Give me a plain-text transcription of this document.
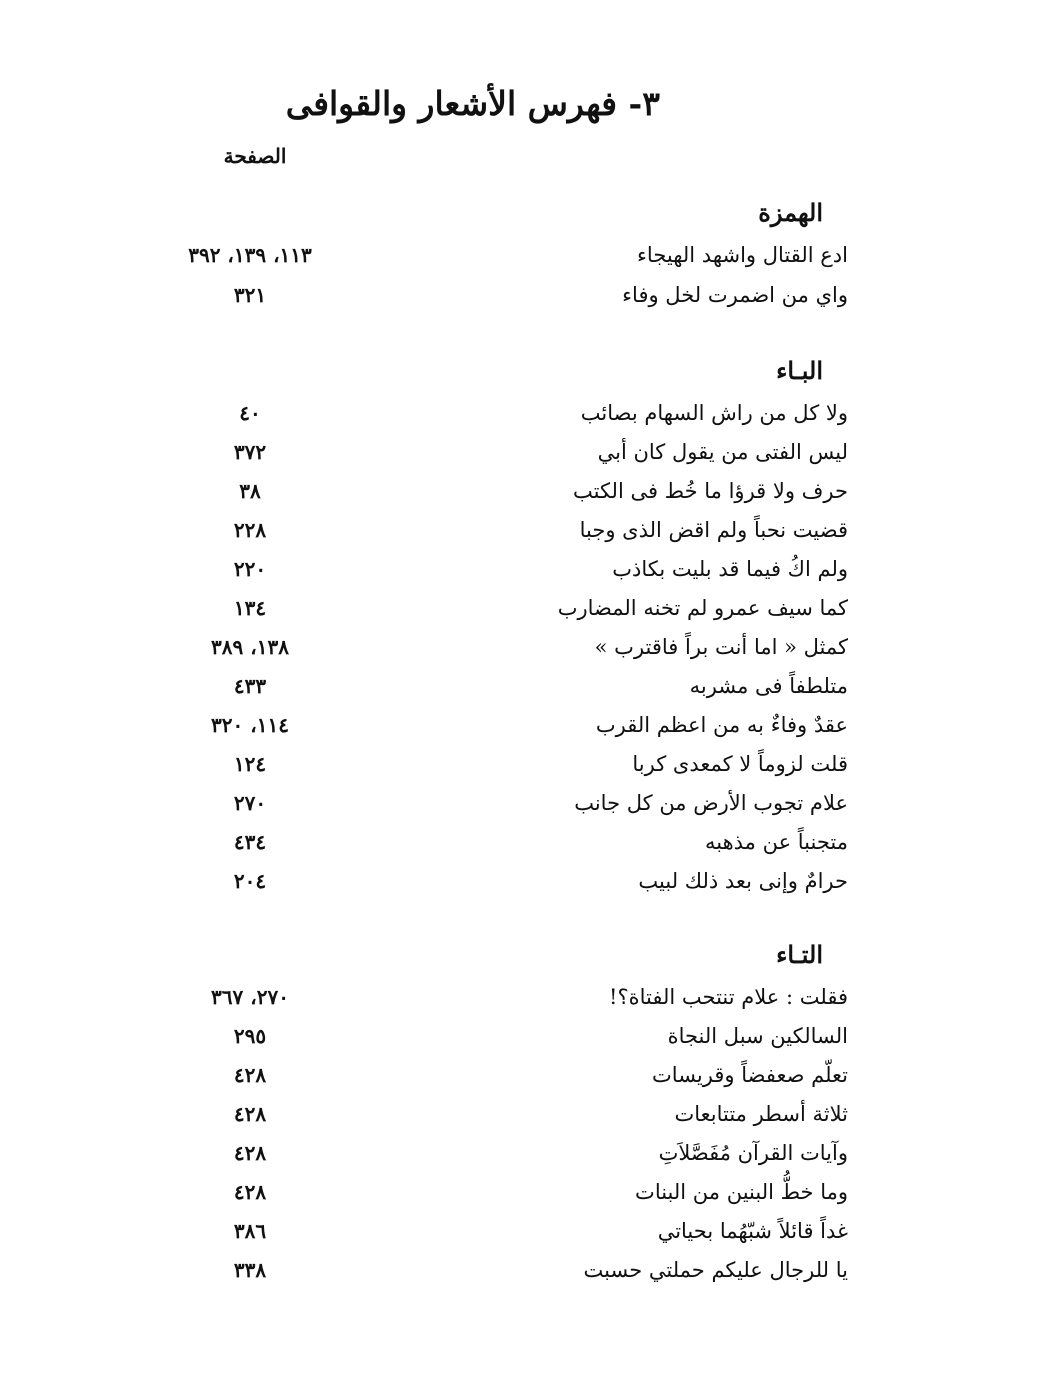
٣- فهرس الأشعار والقوافى
الصفحة
الهمزة
ادع القتال واشهد الهيجاء
١١٣، ١٣٩، ٣٩٢
واي من اضمرت لخل وفاء
٣٢١
البـاء
ولا كل من راش السهام بصائب
٤٠
ليس الفتى من يقول كان أبي
٣٧٢
حرف ولا قرؤا ما خُط فى الكتب
٣٨
قضيت نحباً ولم اقض الذى وجبا
٢٢٨
ولم اكُ فيما قد بليت بكاذب
٢٢٠
كما سيف عمرو لم تخنه المضارب
١٣٤
كمثل « اما أنت براً فاقترب »
١٣٨، ٣٨٩
متلطفاً فى مشربه
٤٣٣
عقدٌ وفاءٌ به من اعظم القرب
١١٤، ٣٢٠
قلت لزوماً لا كمعدى كربا
١٢٤
علام تجوب الأرض من كل جانب
٢٧٠
متجنباً عن مذهبه
٤٣٤
حرامٌ وإنى بعد ذلك لبيب
٢٠٤
التـاء
فقلت : علام تنتحب الفتاة؟!
٢٧٠، ٣٦٧
السالكين سبل النجاة
٢٩٥
تعلّم صعفضاً وقريسات
٤٢٨
ثلاثة أسطر متتابعات
٤٢٨
وآيات القرآن مُفَصَّلاَتِ
٤٢٨
وما خطُّ البنين من البنات
٤٢٨
غداً قائلاً شبّهُما بحياتي
٣٨٦
يا للرجال عليكم حملتي حسبت
٣٣٨
